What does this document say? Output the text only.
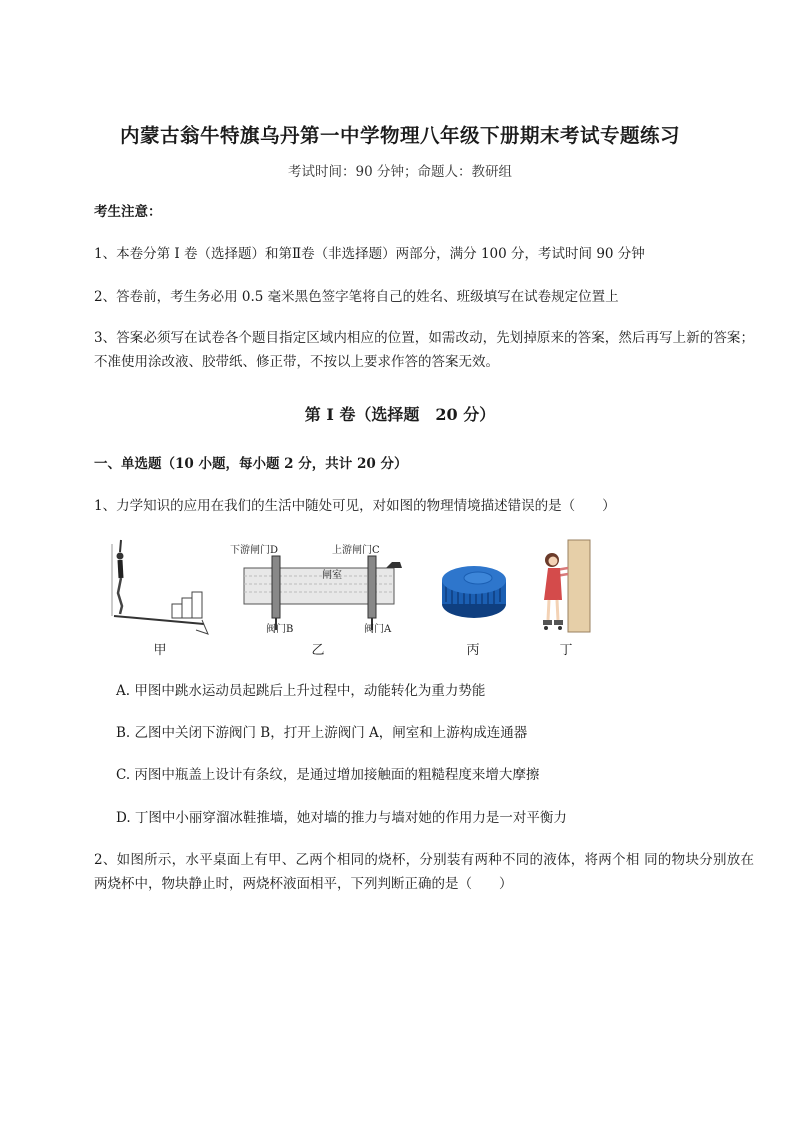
内蒙古翁牛特旗乌丹第一中学物理八年级下册期末考试专题练习
考试时间：90 分钟；命题人：教研组
考生注意：
1、本卷分第 I 卷（选择题）和第Ⅱ卷（非选择题）两部分，满分 100 分，考试时间 90 分钟
2、答卷前，考生务必用 0.5 毫米黑色签字笔将自己的姓名、班级填写在试卷规定位置上
3、答案必须写在试卷各个题目指定区域内相应的位置，如需改动，先划掉原来的答案，然后再写上新的答案；不准使用涂改液、胶带纸、修正带，不按以上要求作答的答案无效。
第 I 卷（选择题　20 分）
一、单选题（10 小题，每小题 2 分，共计 20 分）
1、力学知识的应用在我们的生活中随处可见，对如图的物理情境描述错误的是（　　）
甲
下游闸门D	上游闸门C
闸室
阀门B	阀门A
乙	丙	丁
A. 甲图中跳水运动员起跳后上升过程中，动能转化为重力势能
B. 乙图中关闭下游阀门 B，打开上游阀门 A，闸室和上游构成连通器
C. 丙图中瓶盖上设计有条纹，是通过增加接触面的粗糙程度来增大摩擦
D. 丁图中小丽穿溜冰鞋推墙，她对墙的推力与墙对她的作用力是一对平衡力
2、如图所示，水平桌面上有甲、乙两个相同的烧杯，分别装有两种不同的液体，将两个相 同的物块分别放在两烧杯中，物块静止时，两烧杯液面相平，下列判断正确的是（　　）
